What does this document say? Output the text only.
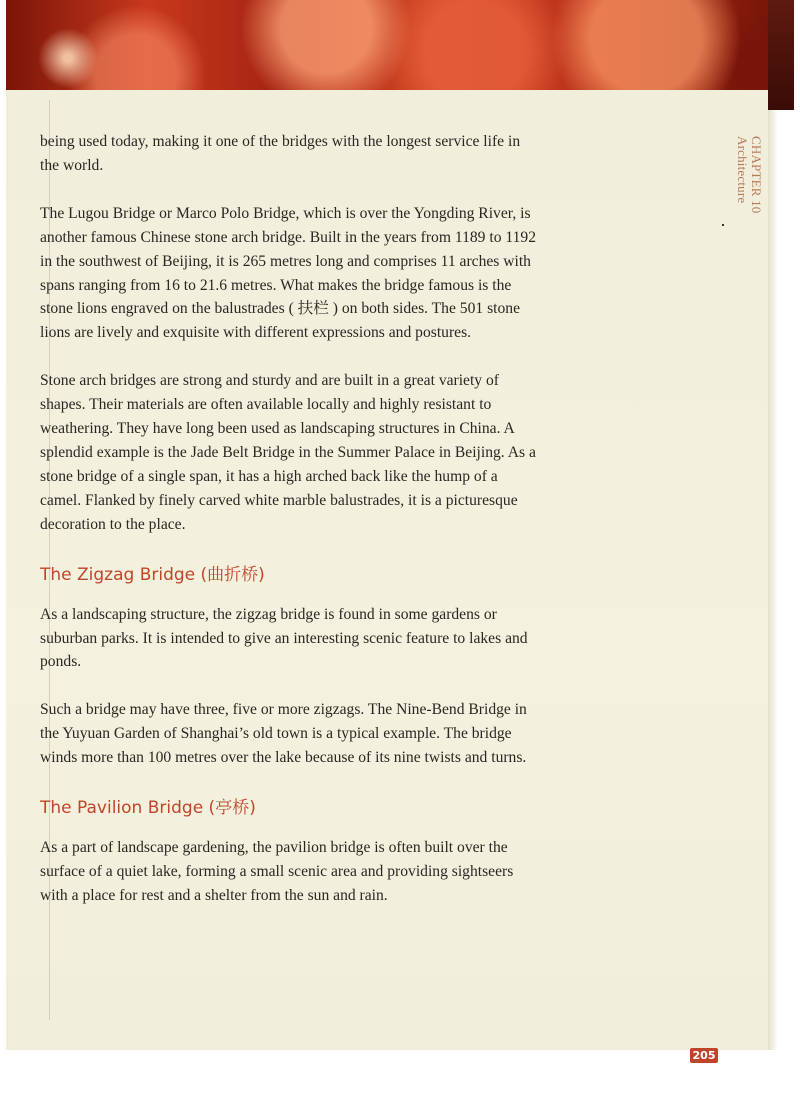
CHAPTER 10
Architecture

being used today, making it one of the bridges with the longest service life in the world.

The Lugou Bridge or Marco Polo Bridge, which is over the Yongding River, is another famous Chinese stone arch bridge. Built in the years from 1189 to 1192 in the southwest of Beijing, it is 265 metres long and comprises 11 arches with spans ranging from 16 to 21.6 metres. What makes the bridge famous is the stone lions engraved on the balustrades ( 扶栏 ) on both sides. The 501 stone lions are lively and exquisite with different expressions and postures.

Stone arch bridges are strong and sturdy and are built in a great variety of shapes. Their materials are often available locally and highly resistant to weathering. They have long been used as landscaping structures in China. A splendid example is the Jade Belt Bridge in the Summer Palace in Beijing. As a stone bridge of a single span, it has a high arched back like the hump of a camel. Flanked by finely carved white marble balustrades, it is a picturesque decoration to the place.

The Zigzag Bridge (曲折桥)

As a landscaping structure, the zigzag bridge is found in some gardens or suburban parks. It is intended to give an interesting scenic feature to lakes and ponds.

Such a bridge may have three, five or more zigzags. The Nine-Bend Bridge in the Yuyuan Garden of Shanghai’s old town is a typical example. The bridge winds more than 100 metres over the lake because of its nine twists and turns.

The Pavilion Bridge (亭桥)

As a part of landscape gardening, the pavilion bridge is often built over the surface of a quiet lake, forming a small scenic area and providing sightseers with a place for rest and a shelter from the sun and rain.

205
